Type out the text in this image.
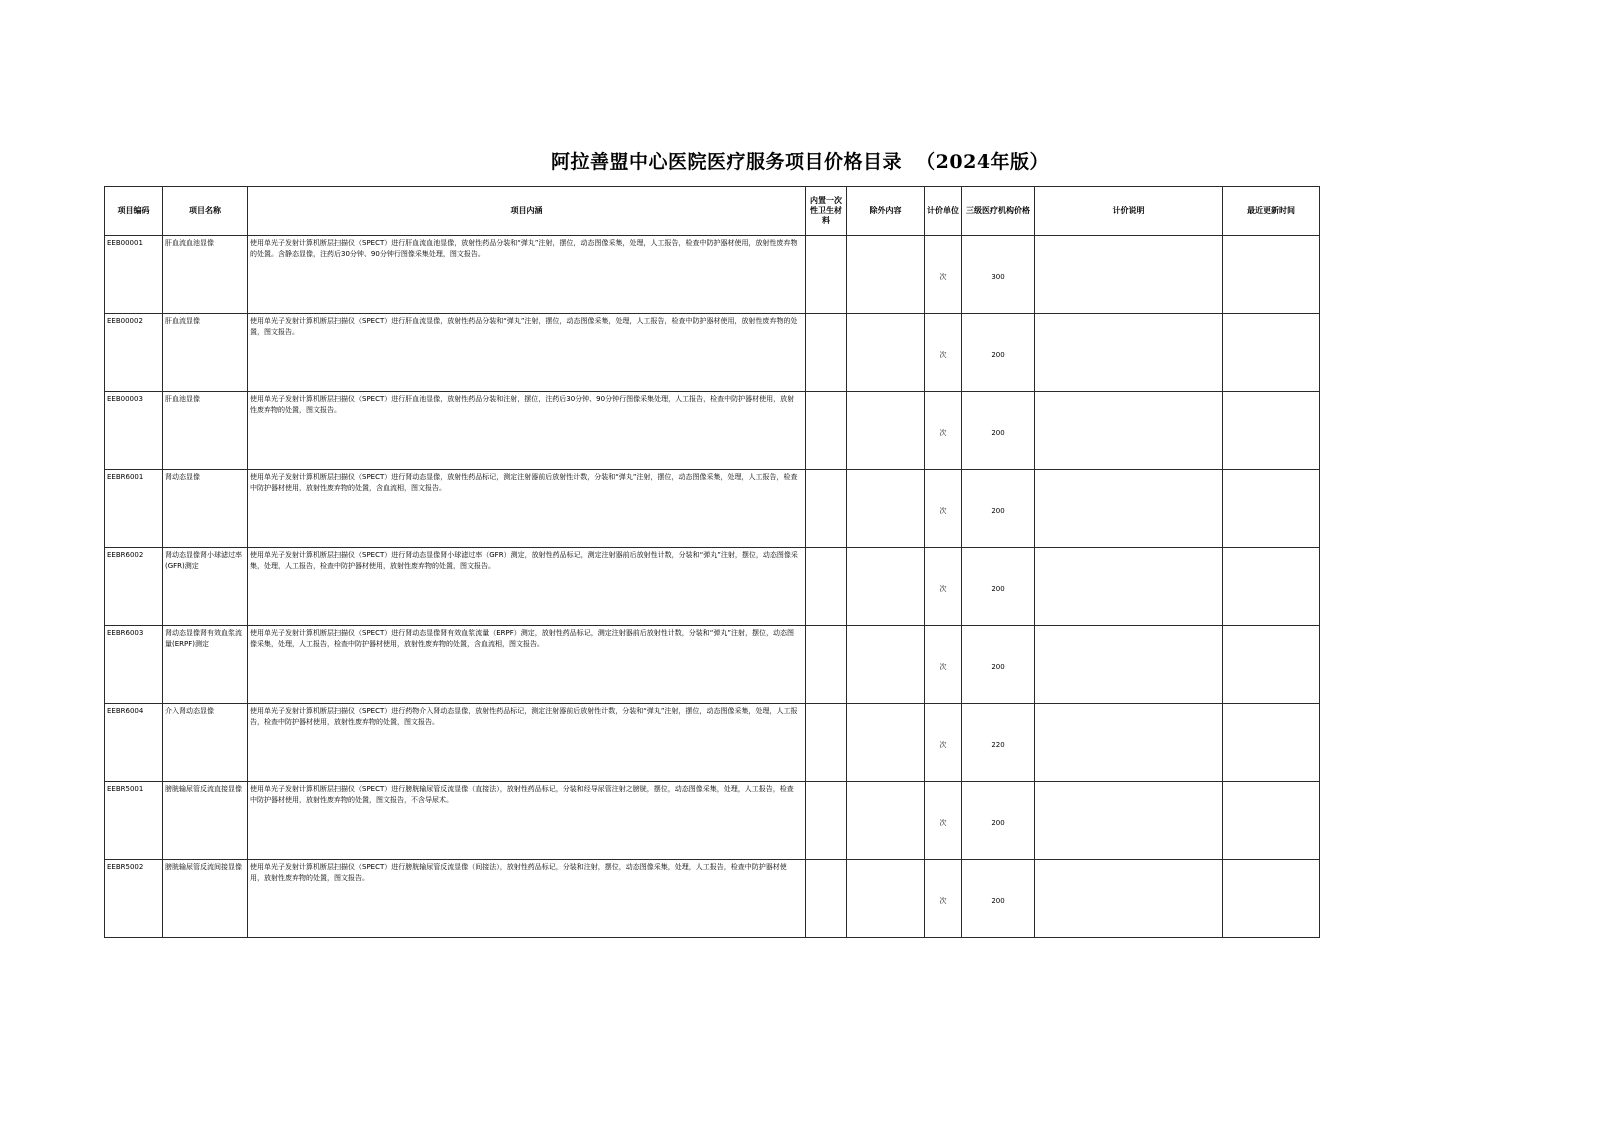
阿拉善盟中心医院医疗服务项目价格目录  （2024年版）
项目编码	项目名称	项目内涵	内置一次性卫生材料	除外内容	计价单位	三级医疗机构价格	计价说明	最近更新时间
EEB00001	肝血流血池显像	使用单光子发射计算机断层扫描仪（SPECT）进行肝血流血池显像，放射性药品分装和“弹丸”注射，摆位，动态图像采集，处理，人工报告，检查中防护器材使用，放射性废弃物的处置。含静态显像，注药后30分钟、90分钟行图像采集处理，图文报告。			次	300		
EEB00002	肝血流显像	使用单光子发射计算机断层扫描仪（SPECT）进行肝血流显像，放射性药品分装和“弹丸”注射，摆位，动态图像采集，处理，人工报告，检查中防护器材使用，放射性废弃物的处置，图文报告。			次	200		
EEB00003	肝血池显像	使用单光子发射计算机断层扫描仪（SPECT）进行肝血池显像，放射性药品分装和注射，摆位，注药后30分钟、90分钟行图像采集处理，人工报告，检查中防护器材使用，放射性废弃物的处置，图文报告。			次	200		
EEBR6001	肾动态显像	使用单光子发射计算机断层扫描仪（SPECT）进行肾动态显像，放射性药品标记，测定注射器前后放射性计数，分装和“弹丸”注射，摆位，动态图像采集，处理，人工报告，检查中防护器材使用，放射性废弃物的处置，含血流相，图文报告。			次	200		
EEBR6002	肾动态显像肾小球滤过率(GFR)测定	使用单光子发射计算机断层扫描仪（SPECT）进行肾动态显像肾小球滤过率（GFR）测定，放射性药品标记，测定注射器前后放射性计数，分装和“弹丸”注射，摆位，动态图像采集，处理，人工报告，检查中防护器材使用，放射性废弃物的处置，图文报告。			次	200		
EEBR6003	肾动态显像肾有效血浆流量(ERPF)测定	使用单光子发射计算机断层扫描仪（SPECT）进行肾动态显像肾有效血浆流量（ERPF）测定，放射性药品标记，测定注射器前后放射性计数，分装和“弹丸”注射，摆位，动态图像采集，处理，人工报告，检查中防护器材使用，放射性废弃物的处置，含血流相，图文报告。			次	200		
EEBR6004	介入肾动态显像	使用单光子发射计算机断层扫描仪（SPECT）进行药物介入肾动态显像，放射性药品标记，测定注射器前后放射性计数，分装和“弹丸”注射，摆位，动态图像采集，处理，人工报告，检查中防护器材使用，放射性废弃物的处置，图文报告。			次	220		
EEBR5001	膀胱输尿管反流直接显像	使用单光子发射计算机断层扫描仪（SPECT）进行膀胱输尿管反流显像（直接法），放射性药品标记，分装和经导尿管注射之膀胱，摆位，动态图像采集，处理，人工报告，检查中防护器材使用，放射性废弃物的处置，图文报告，不含导尿术。			次	200		
EEBR5002	膀胱输尿管反流间接显像	使用单光子发射计算机断层扫描仪（SPECT）进行膀胱输尿管反流显像（间接法），放射性药品标记，分装和注射，摆位，动态图像采集，处理，人工报告，检查中防护器材使用，放射性废弃物的处置，图文报告。			次	200		
